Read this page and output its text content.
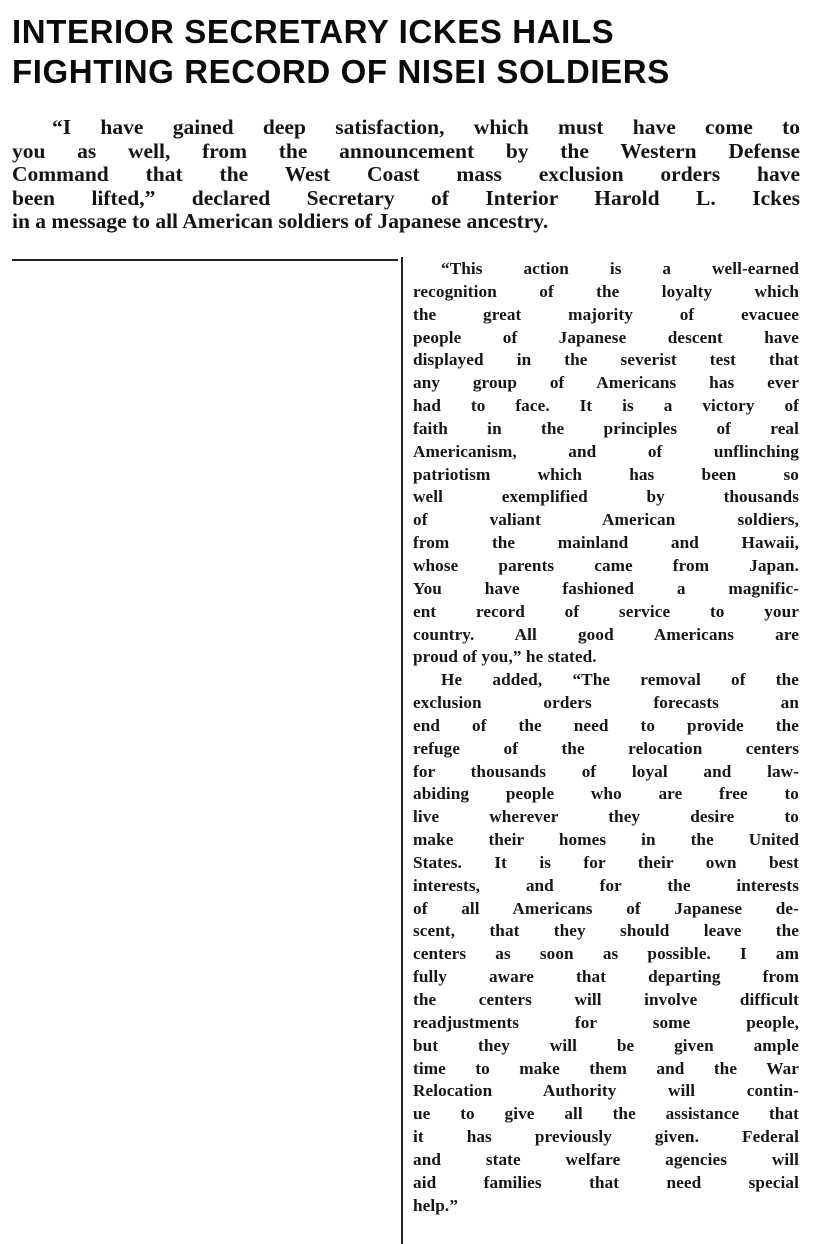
INTERIOR SECRETARY ICKES HAILS
FIGHTING RECORD OF NISEI SOLDIERS
“I have gained deep satisfaction, which must have come to
you as well, from the announcement by the Western Defense
Command that the West Coast mass exclusion orders have
been lifted,” declared Secretary of Interior Harold L. Ickes
in a message to all American soldiers of Japanese ancestry.
“This action is a well-earned
recognition of the loyalty which
the great majority of evacuee
people of Japanese descent have
displayed in the severist test that
any group of Americans has ever
had to face. It is a victory of
faith in the principles of real
Americanism, and of unflinching
patriotism which has been so
well exemplified by thousands
of valiant American soldiers,
from the mainland and Hawaii,
whose parents came from Japan.
You have fashioned a magnific-
ent record of service to your
country. All good Americans are
proud of you,” he stated.
He added, “The removal of the
exclusion orders forecasts an
end of the need to provide the
refuge of the relocation centers
for thousands of loyal and law-
abiding people who are free to
live wherever they desire to
make their homes in the United
States. It is for their own best
interests, and for the interests
of all Americans of Japanese de-
scent, that they should leave the
centers as soon as possible. I am
fully aware that departing from
the centers will involve difficult
readjustments for some people,
but they will be given ample
time to make them and the War
Relocation Authority will contin-
ue to give all the assistance that
it has previously given. Federal
and state welfare agencies will
aid families that need special
help.”
